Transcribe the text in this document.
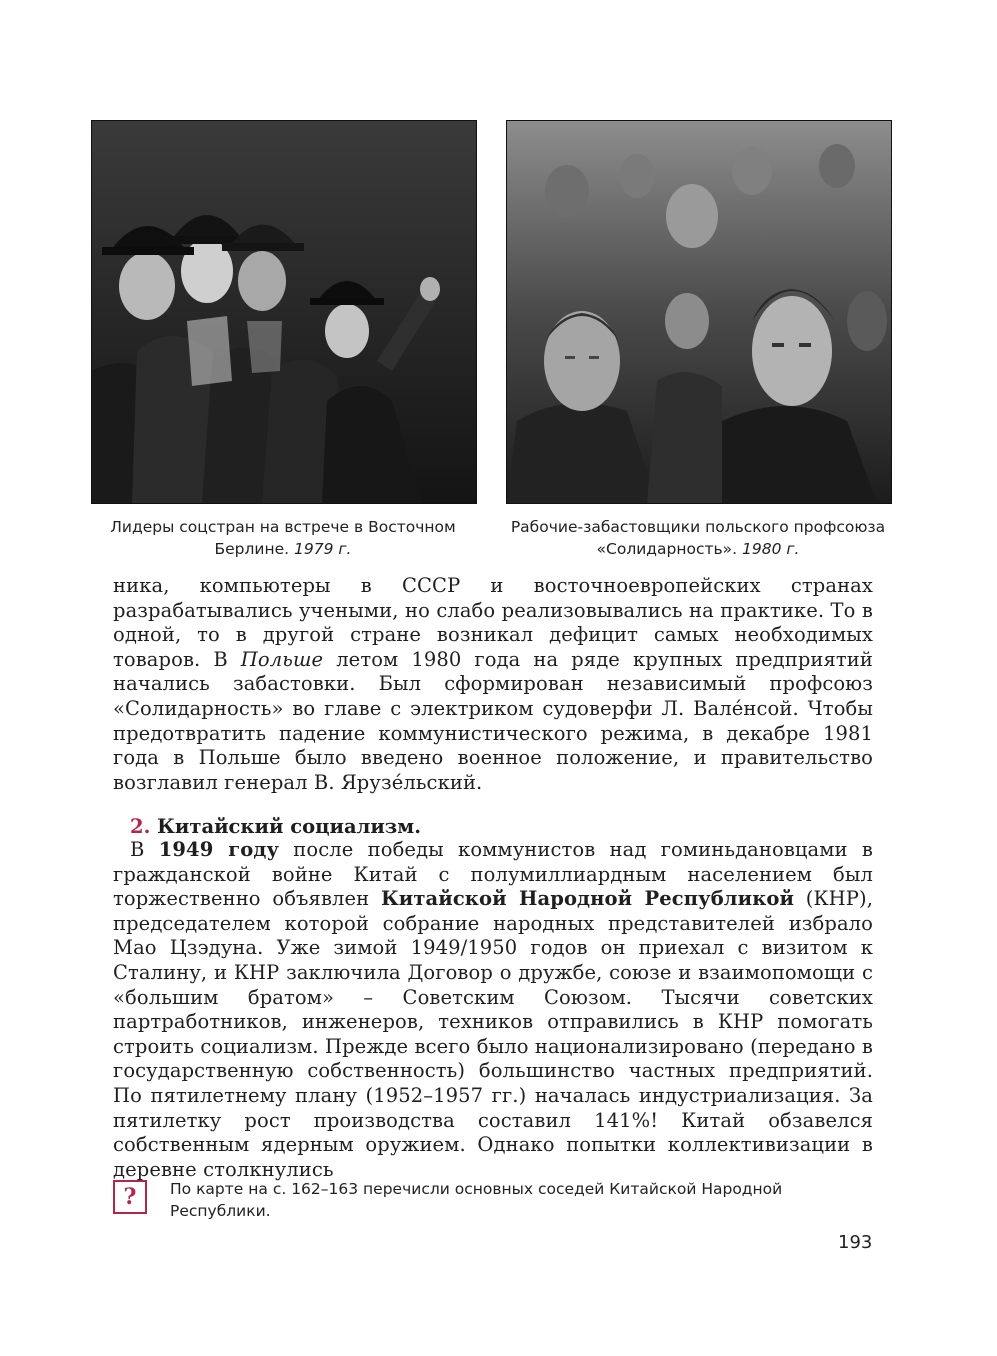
Лидеры соцстран на встрече в Восточном Берлине. 1979 г.
Рабочие-забастовщики польского профсоюза «Солидарность». 1980 г.

ника, компьютеры в СССР и восточноевропейских странах разрабатывались учеными, но слабо реализовывались на практике. То в одной, то в другой стране возникал дефицит самых необходимых товаров. В Польше летом 1980 года на ряде крупных предприятий начались забастовки. Был сформирован независимый профсоюз «Солидарность» во главе с электриком судоверфи Л. Вале́нсой. Чтобы предотвратить падение коммунистического режима, в декабре 1981 года в Польше было введено военное положение, и правительство возглавил генерал В. Ярузе́льский.

2. Китайский социализм.

В 1949 году после победы коммунистов над гоминьдановцами в гражданской войне Китай с полумиллиардным населением был торжественно объявлен Китайской Народной Республикой (КНР), председателем которой собрание народных представителей избрало Мао Цзэдуна. Уже зимой 1949/1950 годов он приехал с визитом к Сталину, и КНР заключила Договор о дружбе, союзе и взаимопомощи с «большим братом» – Советским Союзом. Тысячи советских партработников, инженеров, техников отправились в КНР помогать строить социализм. Прежде всего было национализировано (передано в государственную собственность) большинство частных предприятий. По пятилетнему плану (1952–1957 гг.) началась индустриализация. За пятилетку рост производства составил 141%! Китай обзавелся собственным ядерным оружием. Однако попытки коллективизации в деревне столкнулись

? По карте на с. 162–163 перечисли основных соседей Китайской Народной Республики.
193
